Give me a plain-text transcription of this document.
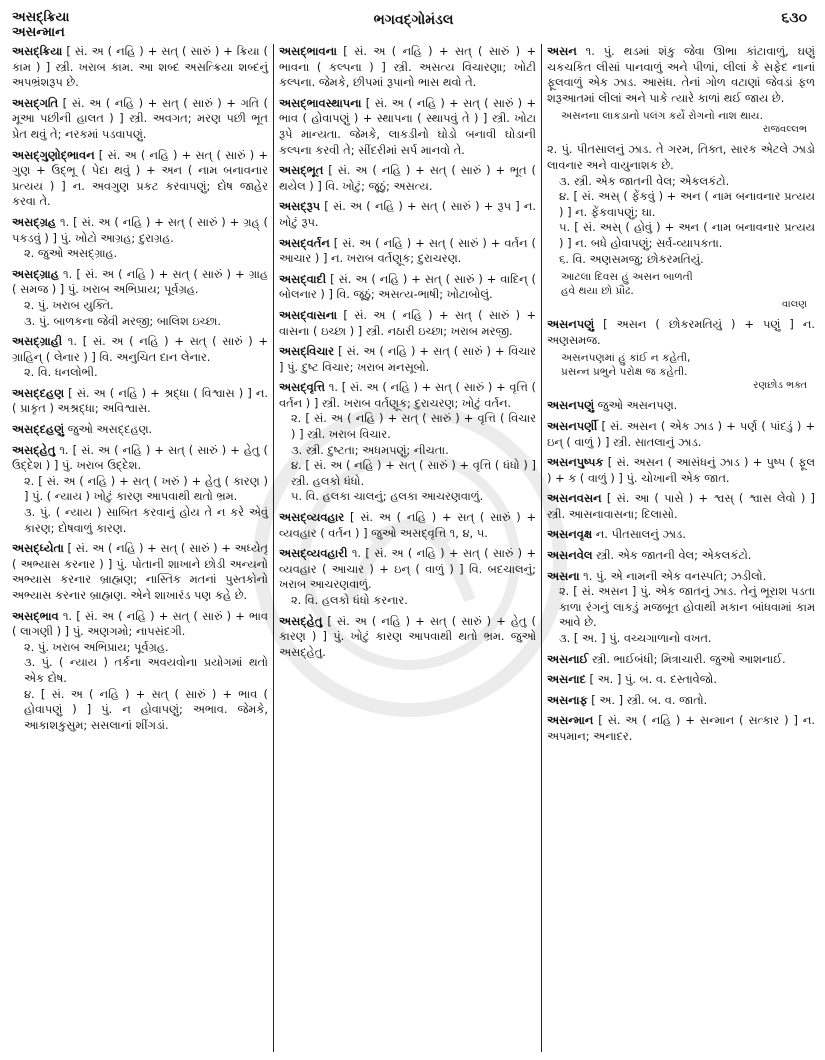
અસદ્‌ક્રિયા
અસન્માન
ભગવદ્‌ગોમંડલ	૬૩૦
અસદ્‌ક્રિયા [ સં. અ ( નહિ ) + સત્ ( સારું ) + ક્રિયા ( કામ ) ] સ્ત્રી. ખરાબ કામ. આ શબ્દ અસત્ક્રિયા શબ્દનું અપભ્રંશરૂપ છે.
અસદ્‌ગતિ [ સં. અ ( નહિ ) + સત્ ( સારું ) + ગતિ ( મૂઆ પછીની હાલત ) ] સ્ત્રી. અવગત; મરણ પછી ભૂત પ્રેત થવું તે; નરકમાં પડવાપણું.
અસદ્‌ગુણોદ્‌ભાવન [ સં. અ ( નહિ ) + સત્ ( સારું ) + ગુણ + ઉદ્‌ભૂ ( પેદા થવું ) + અન ( નામ બનાવનાર પ્રત્યય ) ] ન. અવગુણ પ્રકટ કરવાપણું; દોષ જાહેર કરવા તે.
અસદ્‌ગ્રહ ૧. [ સં. અ ( નહિ ) + સત્ ( સારું ) + ગ્રહ્ ( પકડવું ) ] પું. ખોટો આગ્રહ; દુરાગ્રહ.
૨. જુઓ અસદ્‌ગ્રાહ.
અસદ્‌ગ્રાહ ૧. [ સં. અ ( નહિ ) + સત્ ( સારું ) + ગ્રાહ ( સમજ ) ] પું. ખરાબ અભિપ્રાય; પૂર્વગ્રહ.
૨. પું. ખરાબ યુક્તિ.
૩. પું. બાળકના જેવી મરજી; બાલિશ ઇચ્છા.
અસદ્‌ગ્રાહી ૧. [ સં. અ ( નહિ ) + સત્ ( સારું ) + ગ્રાહિન્ ( લેનાર ) ] વિ. અનુચિત દાન લેનાર.
૨. વિ. ધનલોભી.
અસદ્‌દહણ [ સં. અ ( નહિ ) + શ્રદ્ધા ( વિશ્વાસ ) ] ન. ( પ્રાકૃત ) અશ્રદ્ધા; અવિશ્વાસ.
અસદ્‌દહણું જુઓ અસદ્‌દહણ.
અસદ્‌હેતુ ૧. [ સં. અ ( નહિ ) + સત્ ( સારું ) + હેતુ ( ઉદ્દેશ ) ] પું. ખરાબ ઉદ્દેશ.
૨. [ સં. અ ( નહિ ) + સત્ ( ખરું ) + હેતુ ( કારણ ) ] પું. ( ન્યાય ) ખોટું કારણ આપવાથી થતો ભ્રમ.
૩. પું. ( ન્યાય ) સાબિત કરવાનું હોય તે ન કરે એવું કારણ; દોષવાળું કારણ.
અસદ્ધ્યેતા [ સં. અ ( નહિ ) + સત્ ( સારું ) + અધ્યેતૃ ( અભ્યાસ કરનાર ) ] પું. પોતાની શાખાને છોડી અન્યનો અભ્યાસ કરનાર બ્રાહ્મણ; નાસ્તિક મતનાં પુસ્તકોનો અભ્યાસ કરનાર બ્રાહ્મણ. એને શાખારંડ પણ કહે છે.
અસદ્‌ભાવ ૧. [ સં. અ ( નહિ ) + સત્ ( સારું ) + ભાવ ( લાગણી ) ] પું. અણગમો; નાપસંદગી.
૨. પું. ખરાબ અભિપ્રાય; પૂર્વગ્રહ.
૩. પું. ( ન્યાય ) તર્કના અવયવોના પ્રયોગમાં થતો એક દોષ.
૪. [ સં. અ ( નહિ ) + સત્ ( સારું ) + ભાવ ( હોવાપણું ) ] પું. ન હોવાપણું; અભાવ. જેમકે, આકાશકુસુમ; સસલાનાં શીંગડાં.
અસદ્‌ભાવના [ સં. અ ( નહિ ) + સત્ ( સારું ) + ભાવના ( કલ્પના ) ] સ્ત્રી. અસત્ય વિચારણા; ખોટી કલ્પના. જેમકે, છીપમાં રૂપાનો ભાસ થવો તે.
અસદ્‌ભાવસ્થાપના [ સં. અ ( નહિ ) + સત્ ( સારું ) + ભાવ ( હોવાપણું ) + સ્થાપના ( સ્થાપવું તે ) ] સ્ત્રી. ખોટા રૂપે માન્યતા. જેમકે, લાકડીનો ઘોડો બનાવી ઘોડાની કલ્પના કરવી તે; સીંદરીમાં સર્પ માનવો તે.
અસદ્‌ભૂત [ સં. અ ( નહિ ) + સત્ ( સારું ) + ભૂત ( થયેલ ) ] વિ. ખોટું; જૂઠું; અસત્ય.
અસદ્‌રૂપ [ સં. અ ( નહિ ) + સત્ ( સારું ) + રૂપ ] ન. ખોટું રૂપ.
અસદ્‌વર્તન [ સં. અ ( નહિ ) + સત્ ( સારું ) + વર્તન ( આચાર ) ] ન. ખરાબ વર્તણૂક; દુરાચરણ.
અસદ્‌વાદી [ સં. અ ( નહિ ) + સત્ ( સારું ) + વાદિન્ ( બોલનાર ) ] વિ. જૂઠું; અસત્ય-ભાષી; ખોટાબોલું.
અસદ્‌વાસના [ સં. અ ( નહિ ) + સત્ ( સારું ) + વાસના ( ઇચ્છા ) ] સ્ત્રી. નઠારી ઇચ્છા; ખરાબ મરજી.
અસદ્‌વિચાર [ સં. અ ( નહિ ) + સત્ ( સારું ) + વિચાર ] પું. દુષ્ટ વિચાર; ખરાબ મનસૂબો.
અસદ્‌વૃત્તિ ૧. [ સં. અ ( નહિ ) + સત્ ( સારું ) + વૃત્તિ ( વર્તન ) ] સ્ત્રી. ખરાબ વર્તણૂક; દુરાચરણ; ખોટું વર્તન.
૨. [ સં. અ ( નહિ ) + સત્ ( સારું ) + વૃત્તિ ( વિચાર ) ] સ્ત્રી. ખરાબ વિચાર.
૩. સ્ત્રી. દુષ્ટતા; અધમપણું; નીચતા.
૪. [ સં. અ ( નહિ ) + સત્ ( સારું ) + વૃત્તિ ( ધંધો ) ] સ્ત્રી. હલકો ધંધો.
૫. વિ. હલકા ચાલનું; હલકા આચરણવાળું.
અસદ્‌વ્યવહાર [ સં. અ ( નહિ ) + સત્ ( સારું ) + વ્યવહાર ( વર્તન ) ] જુઓ અસદ્‌વૃત્તિ ૧, ૪, ૫.
અસદ્‌વ્યવહારી ૧. [ સં. અ ( નહિ ) + સત્ ( સારું ) + વ્યવહાર ( આચાર ) + ઇન્ ( વાળું ) ] વિ. બદચાલનું; ખરાબ આચરણવાળું.
૨. વિ. હલકો ધંધો કરનાર.
અસદ્‌હેતુ [ સં. અ ( નહિ ) + સત્ ( સારું ) + હેતુ ( કારણ ) ] પું. ખોટું કારણ આપવાથી થતો ભ્રમ. જુઓ અસદ્‌હેતુ.
અસન ૧. પું. થડમાં શંકુ જેવા ઊભા કાંટાવાળું, ઘણું ચકચકિત લીસાં પાનવાળું અને પીળાં, લીલાં કે સફેદ નાનાં ફૂલવાળું એક ઝાડ. આસંધ. તેનાં ગોળ વટાણાં જેવડાં ફળ શરૂઆતમાં લીલાં અને પાકે ત્યારે કાળાં થઈ જાય છે.
અસનના લાકડાનો પલંગ કર્યે રોગનો નાશ થાય.
રાજવલ્લભ
૨. પું. પીતસાલનું ઝાડ. તે ગરમ, તિક્ત, સારક એટલે ઝાડો લાવનાર અને વાયુનાશક છે.
૩. સ્ત્રી. એક જાતની વેલ; એકલકંટો.
૪. [ સં. અસ્ ( ફેંકવું ) + અન ( નામ બનાવનાર પ્રત્યય ) ] ન. ફેંકવાપણું; ઘા.
૫. [ સં. અસ્ ( હોવું ) + અન ( નામ બનાવનાર પ્રત્યય ) ] ન. બધે હોવાપણું; સર્વ-વ્યાપકતા.
૬. વિ. અણસમજુ; છોકરમતિયું.
આટલા દિવસ હું અસન બાળતી
હવે થયા છો પ્રૌઢ.
વાલણ
અસનપણું [ અસન ( છોકરમતિયું ) + પણું ] ન. અણસમજ.
અસનપણમાં હું કાંઈ ન કહેતી,
પ્રસન્ન પ્રભુને પરોક્ષ જ કહેતી.
રણછોડ ભક્ત
અસનપણું જુઓ અસનપણ.
અસનપર્ણી [ સં. અસન ( એક ઝાડ ) + પર્ણ ( પાંદડું ) + ઇન્ ( વાળું ) ] સ્ત્રી. સાતલાનું ઝાડ.
અસનપુષ્પક [ સં. અસન ( આસંધનું ઝાડ ) + પુષ્પ ( ફૂલ ) + ક ( વાળું ) ] પું. ચોખાની એક જાત.
અસનવસન [ સં. આ ( પાસે ) + શ્વસ્ ( શ્વાસ લેવો ) ] સ્ત્રી. આસનાવાસના; દિલાસો.
અસનવૃક્ષ ન. પીતસાલનું ઝાડ.
અસનવેલ સ્ત્રી. એક જાતની વેલ; એકલકંટો.
અસના ૧. પું. એ નામની એક વનસ્પતિ; ઝડીલો.
૨. [ સં. અસન ] પું. એક જાતનું ઝાડ. તેનું ભૂરાશ પડતા કાળા રંગનું લાકડું મજબૂત હોવાથી મકાન બાંધવામાં કામ આવે છે.
૩. [ અ. ] પું. વચ્ચગાળાનો વખત.
અસનાઈ સ્ત્રી. ભાઈબંધી; મિત્રાચારી. જુઓ આશનાઈ.
અસનાદ [ અ. ] પું. બ. વ. દસ્તાવેજો.
અસનાફ [ અ. ] સ્ત્રી. બ. વ. જાતો.
અસન્માન [ સં. અ ( નહિ ) + સન્માન ( સત્કાર ) ] ન. અપમાન; અનાદર.
